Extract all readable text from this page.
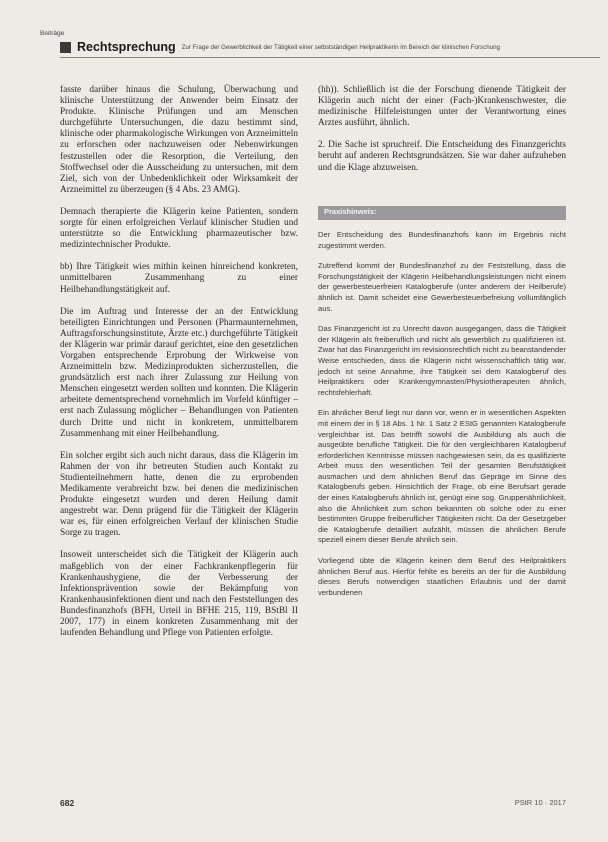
Beiträge
Rechtsprechung Zur Frage der Gewerblichkeit der Tätigkeit einer selbstständigen Heilpraktikerin im Bereich der klinischen Forschung

fasste darüber hinaus die Schulung, Überwachung und klinische Unterstützung der Anwender beim Einsatz der Produkte. Klinische Prüfungen und am Menschen durchgeführte Untersuchungen, die dazu bestimmt sind, klinische oder pharmakologische Wirkungen von Arzneimitteln zu erforschen oder nachzuweisen oder Nebenwirkungen festzustellen oder die Resorption, die Verteilung, den Stoffwechsel oder die Ausscheidung zu untersuchen, mit dem Ziel, sich von der Unbedenklichkeit oder Wirksamkeit der Arzneimittel zu überzeugen (§ 4 Abs. 23 AMG).

Demnach therapierte die Klägerin keine Patienten, sondern sorgte für einen erfolgreichen Verlauf klinischer Studien und unterstützte so die Entwicklung pharmazeutischer bzw. medizintechnischer Produkte.

bb) Ihre Tätigkeit wies mithin keinen hinreichend konkreten, unmittelbaren Zusammenhang zu einer Heilbehandlungstätigkeit auf.

Die im Auftrag und Interesse der an der Entwicklung beteiligten Einrichtungen und Personen (Pharmaunternehmen, Auftragsforschungsinstitute, Ärzte etc.) durchgeführte Tätigkeit der Klägerin war primär darauf gerichtet, eine den gesetzlichen Vorgaben entsprechende Erprobung der Wirkweise von Arzneimitteln bzw. Medizinprodukten sicherzustellen, die grundsätzlich erst nach ihrer Zulassung zur Heilung von Menschen eingesetzt werden sollten und konnten. Die Klägerin arbeitete dementsprechend vornehmlich im Vorfeld künftiger – erst nach Zulassung möglicher – Behandlungen von Patienten durch Dritte und nicht in konkretem, unmittelbarem Zusammenhang mit einer Heilbehandlung.

Ein solcher ergibt sich auch nicht daraus, dass die Klägerin im Rahmen der von ihr betreuten Studien auch Kontakt zu Studienteilnehmern hatte, denen die zu erprobenden Medikamente verabreicht bzw. bei denen die medizinischen Produkte eingesetzt wurden und deren Heilung damit angestrebt war. Denn prägend für die Tätigkeit der Klägerin war es, für einen erfolgreichen Verlauf der klinischen Studie Sorge zu tragen.

Insoweit unterscheidet sich die Tätigkeit der Klägerin auch maßgeblich von der einer Fachkrankenpflegerin für Krankenhaushygiene, die der Verbesserung der Infektionsprävention sowie der Bekämpfung von Krankenhausinfektionen dient und nach den Feststellungen des Bundesfinanzhofs (BFH, Urteil in BFHE 215, 119, BStBl II 2007, 177) in einem konkreten Zusammenhang mit der laufenden Behandlung und Pflege von Patienten erfolgte.

(hh)). Schließlich ist die der Forschung dienende Tätigkeit der Klägerin auch nicht der einer (Fach-)Krankenschwester, die medizinische Hilfeleistungen unter der Verantwortung eines Arztes ausführt, ähnlich.

2. Die Sache ist spruchreif. Die Entscheidung des Finanzgerichts beruht auf anderen Rechtsgrundsätzen. Sie war daher aufzuheben und die Klage abzuweisen.

Praxishinweis:

Der Entscheidung des Bundesfinanzhofs kann im Ergebnis nicht zugestimmt werden.

Zutreffend kommt der Bundesfinanzhof zu der Feststellung, dass die Forschungstätigkeit der Klägerin Heilbehandlungsleistungen nicht einem der gewerbesteuerfreien Katalogberufe (unter anderem der Heilberufe) ähnlich ist. Damit scheidet eine Gewerbesteuerbefreiung vollumfänglich aus.

Das Finanzgericht ist zu Unrecht davon ausgegangen, dass die Tätigkeit der Klägerin als freiberuflich und nicht als gewerblich zu qualifizieren ist. Zwar hat das Finanzgericht im revisionsrechtlich nicht zu beanstandender Weise entschieden, dass die Klägerin nicht wissenschaftlich tätig war, jedoch ist seine Annahme, ihre Tätigkeit sei dem Katalogberuf des Heilpraktikers oder Krankengymnasten/Physiotherapeuten ähnlich, rechtsfehlerhaft.

Ein ähnlicher Beruf liegt nur dann vor, wenn er in wesentlichen Aspekten mit einem der in § 18 Abs. 1 Nr. 1 Satz 2 EStG genannten Katalogberufe vergleichbar ist. Das betrifft sowohl die Ausbildung als auch die ausgeübte berufliche Tätigkeit. Die für den vergleichbaren Katalogberuf erforderlichen Kenntnisse müssen nachgewiesen sein, da es qualifizierte Arbeit muss den wesentlichen Teil der gesamten Berufstätigkeit ausmachen und dem ähnlichen Beruf das Gepräge im Sinne des Katalogberufs geben. Hinsichtlich der Frage, ob eine Berufsart gerade der eines Katalogberufs ähnlich ist, genügt eine sog. Gruppenähnlichkeit, also die Ähnlichkeit zum schon bekannten ob solche oder zu einer bestimmten Gruppe freiberuflicher Tätigkeiten nicht. Da der Gesetzgeber die Katalogberufe detailliert aufzählt, müssen die ähnlichen Berufe speziell einem dieser Berufe ähnlich sein.

Vorliegend übte die Klägerin keinen dem Beruf des Heilpraktikers ähnlichen Beruf aus. Hierfür fehlte es bereits an der für die Ausbildung dieses Berufs notwendigen staatlichen Erlaubnis und der damit verbundenen

682	PStR 10 · 2017
